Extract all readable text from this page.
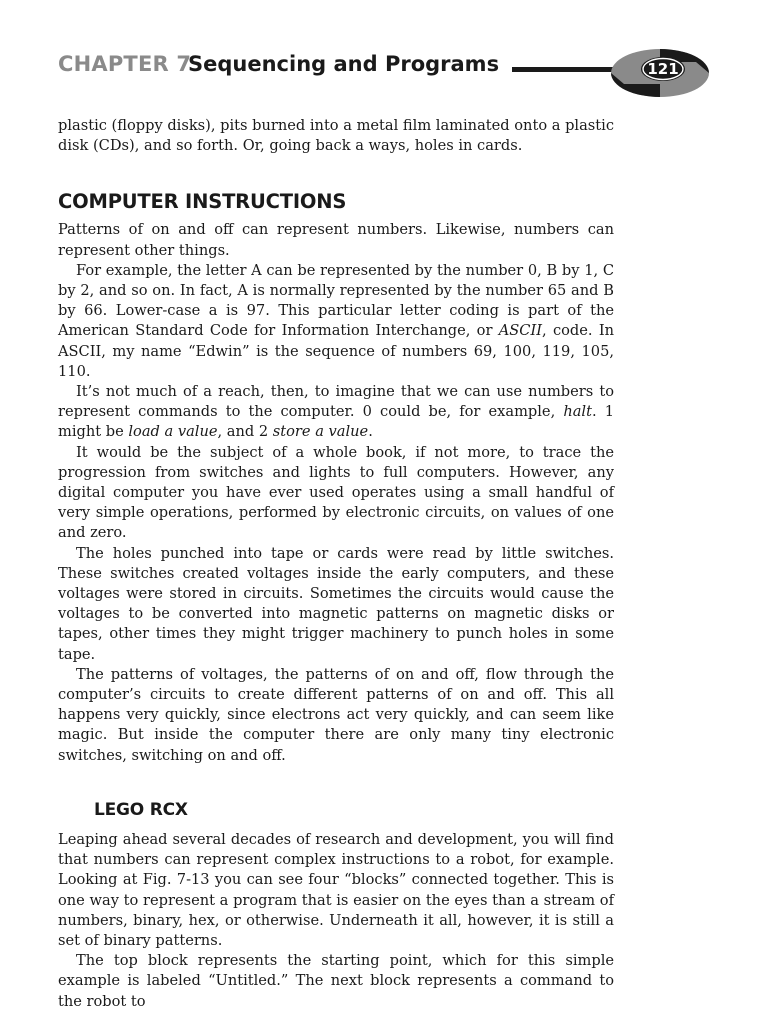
CHAPTER 7
Sequencing and Programs	121

plastic (floppy disks), pits burned into a metal film laminated onto a plastic disk (CDs), and so forth. Or, going back a ways, holes in cards.

COMPUTER INSTRUCTIONS

Patterns of on and off can represent numbers. Likewise, numbers can represent other things.

For example, the letter A can be represented by the number 0, B by 1, C by 2, and so on. In fact, A is normally represented by the number 65 and B by 66. Lower-case a is 97. This particular letter coding is part of the American Standard Code for Information Interchange, or ASCII, code. In ASCII, my name “Edwin” is the sequence of numbers 69, 100, 119, 105, 110.

It’s not much of a reach, then, to imagine that we can use numbers to represent commands to the computer. 0 could be, for example, halt. 1 might be load a value, and 2 store a value.

It would be the subject of a whole book, if not more, to trace the progression from switches and lights to full computers. However, any digital computer you have ever used operates using a small handful of very simple operations, performed by electronic circuits, on values of one and zero.

The holes punched into tape or cards were read by little switches. These switches created voltages inside the early computers, and these voltages were stored in circuits. Sometimes the circuits would cause the voltages to be converted into magnetic patterns on magnetic disks or tapes, other times they might trigger machinery to punch holes in some tape.

The patterns of voltages, the patterns of on and off, flow through the computer’s circuits to create different patterns of on and off. This all happens very quickly, since electrons act very quickly, and can seem like magic. But inside the computer there are only many tiny electronic switches, switching on and off.

LEGO RCX

Leaping ahead several decades of research and development, you will find that numbers can represent complex instructions to a robot, for example. Looking at Fig. 7-13 you can see four “blocks” connected together. This is one way to represent a program that is easier on the eyes than a stream of numbers, binary, hex, or otherwise. Underneath it all, however, it is still a set of binary patterns.

The top block represents the starting point, which for this simple example is labeled “Untitled.” The next block represents a command to the robot to
